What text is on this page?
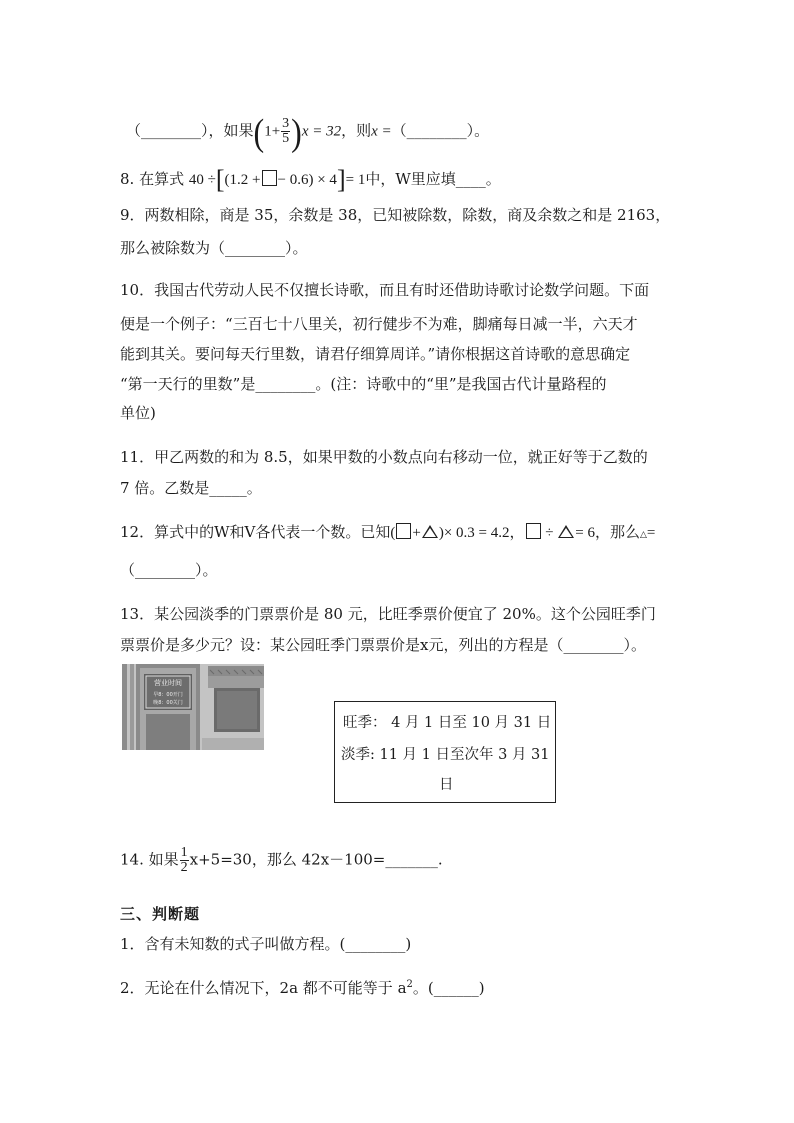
（________），如果$(1+ \frac{3}{5} )x = 32$，则x =（________）。
8. 在算式 40 ÷[(1.2 + − 0.6) × 4]= 1中，W里应填____。
9．两数相除，商是 35，余数是 38，已知被除数，除数，商及余数之和是 2163，
那么被除数为（________）。
10．我国古代劳动人民不仅擅长诗歌，而且有时还借助诗歌讨论数学问题。下面
便是一个例子：“三百七十八里关，初行健步不为难，脚痛每日减一半，六天才
能到其关。要问每天行里数，请君仔细算周详。”请你根据这首诗歌的意思确定
“第一天行的里数”是________。(注：诗歌中的“里”是我国古代计量路程的
单位)
11．甲乙两数的和为 8.5，如果甲数的小数点向右移动一位，就正好等于乙数的
7 倍。乙数是_____。
12．算式中的W和V各代表一个数。已知( + )× 0.3 = 4.2， ÷ = 6，那么△=
（________）。
13．某公园淡季的门票票价是 80 元，比旺季票价便宜了 20%。这个公园旺季门
票票价是多少元？设：某公园旺季门票票价是x元，列出的方程是（________）。
营业时间
早8：00开门
晚8：00关门
旺季： 4 月 1 日至 10 月 31 日
淡季: 11 月 1 日至次年 3 月 31
日
14. 如果 $\frac{1}{2} x+5=30$，那么 42x－100=_______.
三、判断题
1．含有未知数的式子叫做方程。(________)
2．无论在什么情况下，2a 都不可能等于 $a^2$。(______)
